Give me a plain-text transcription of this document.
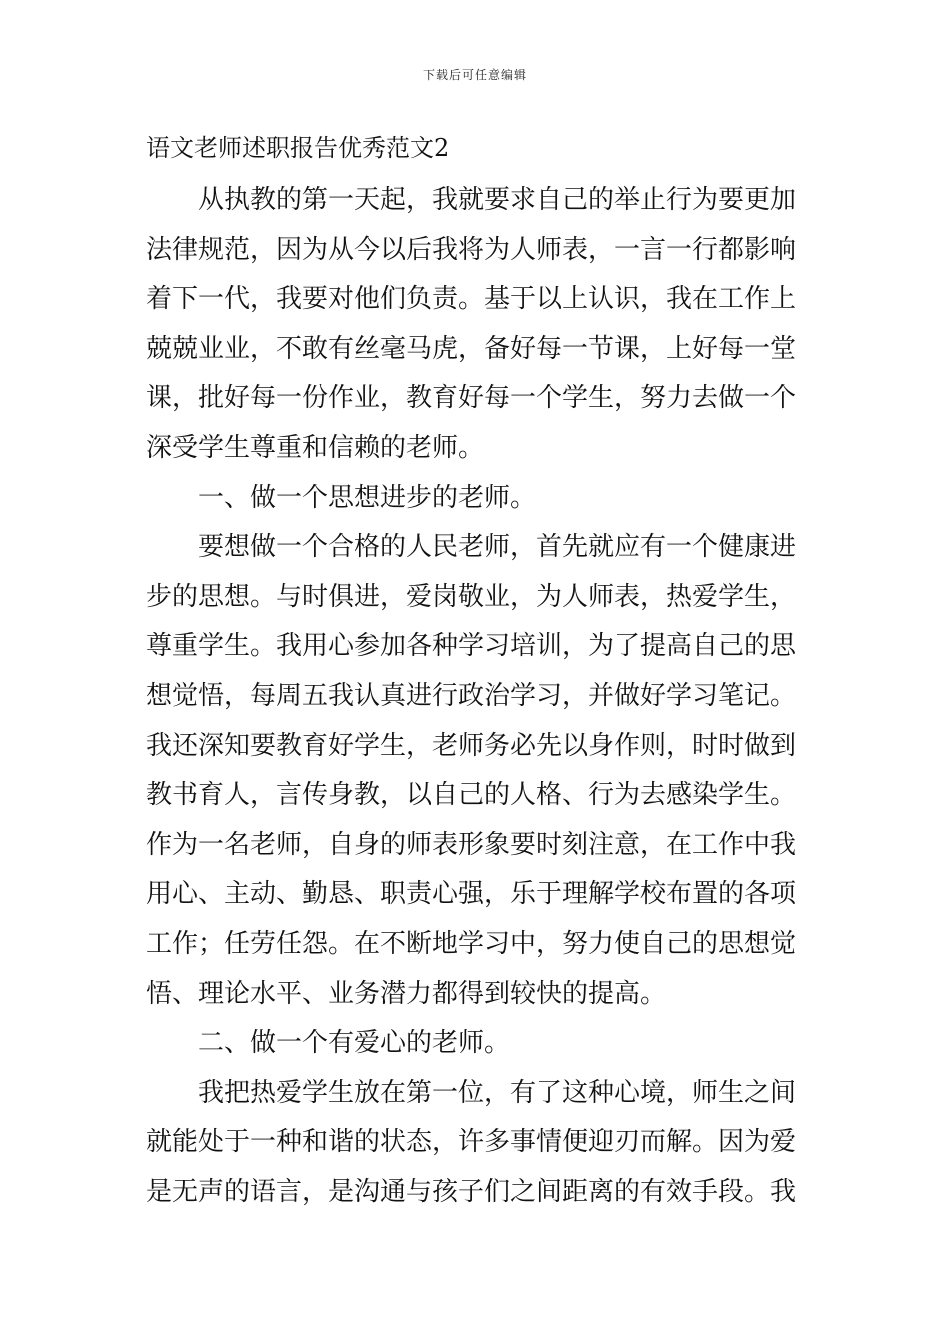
下载后可任意编辑
语文老师述职报告优秀范文2
从执教的第一天起，我就要求自己的举止行为要更加
法律规范，因为从今以后我将为人师表，一言一行都影响
着下一代，我要对他们负责。基于以上认识，我在工作上
兢兢业业，不敢有丝毫马虎，备好每一节课，上好每一堂
课，批好每一份作业，教育好每一个学生，努力去做一个
深受学生尊重和信赖的老师。
一、做一个思想进步的老师。
要想做一个合格的人民老师，首先就应有一个健康进
步的思想。与时俱进，爱岗敬业，为人师表，热爱学生，
尊重学生。我用心参加各种学习培训，为了提高自己的思
想觉悟，每周五我认真进行政治学习，并做好学习笔记。
我还深知要教育好学生，老师务必先以身作则，时时做到
教书育人，言传身教，以自己的人格、行为去感染学生。
作为一名老师，自身的师表形象要时刻注意，在工作中我
用心、主动、勤恳、职责心强，乐于理解学校布置的各项
工作；任劳任怨。在不断地学习中，努力使自己的思想觉
悟、理论水平、业务潜力都得到较快的提高。
二、做一个有爱心的老师。
我把热爱学生放在第一位，有了这种心境，师生之间
就能处于一种和谐的状态，许多事情便迎刃而解。因为爱
是无声的语言，是沟通与孩子们之间距离的有效手段。我
